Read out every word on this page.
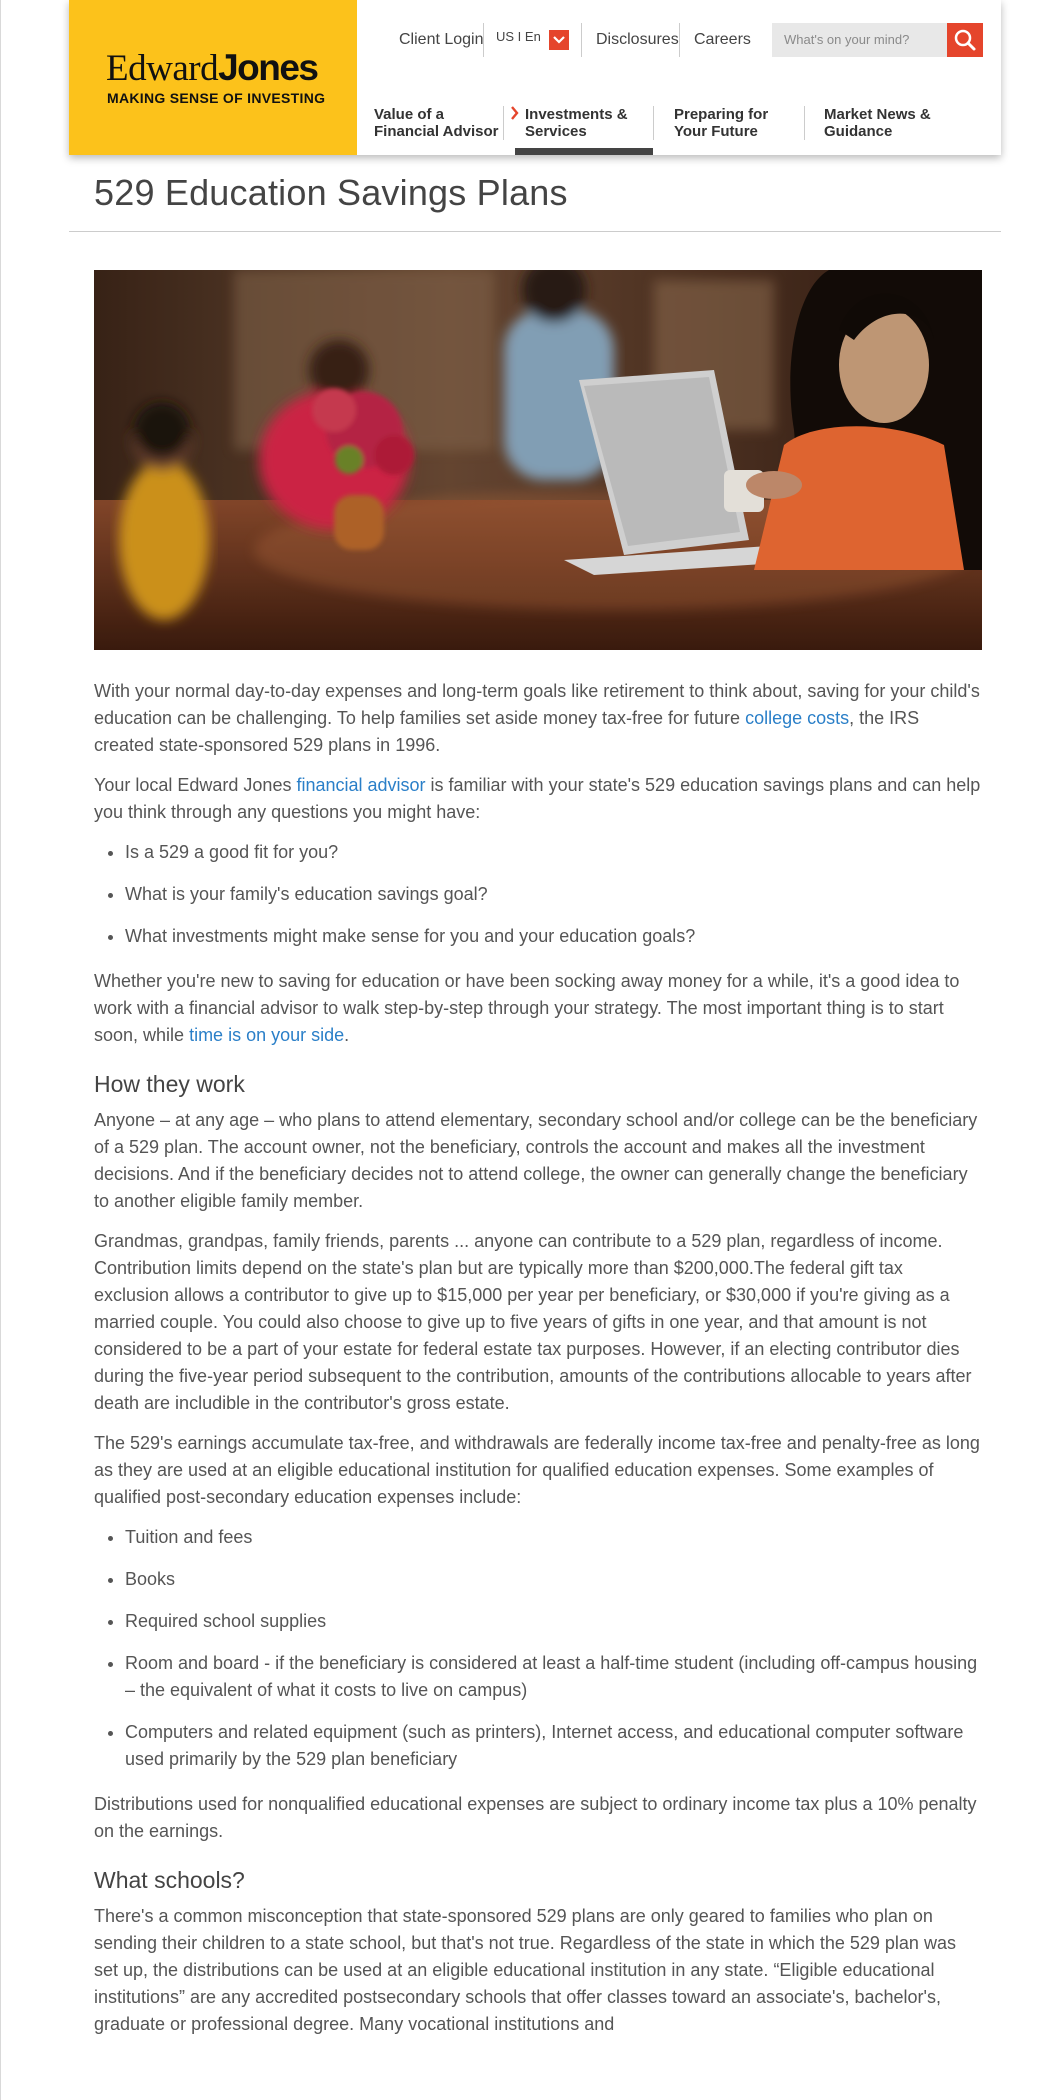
EdwardJones
MAKING SENSE OF INVESTING
Client Login US I En	Disclosures Careers	What's on your mind?
Value of a
Financial Advisor
Investments &
Services
Preparing for
Your Future
Market News &
Guidance
529 Education Savings Plans

With your normal day-to-day expenses and long-term goals like retirement to think about, saving for your child's education can be challenging. To help families set aside money tax-free for future college costs, the IRS created state-sponsored 529 plans in 1996.

Your local Edward Jones financial advisor is familiar with your state's 529 education savings plans and can help you think through any questions you might have:

• Is a 529 a good fit for you?
• What is your family's education savings goal?
• What investments might make sense for you and your education goals?

Whether you're new to saving for education or have been socking away money for a while, it's a good idea to work with a financial advisor to walk step-by-step through your strategy. The most important thing is to start soon, while time is on your side.

How they work

Anyone – at any age – who plans to attend elementary, secondary school and/or college can be the beneficiary of a 529 plan. The account owner, not the beneficiary, controls the account and makes all the investment decisions. And if the beneficiary decides not to attend college, the owner can generally change the beneficiary to another eligible family member.

Grandmas, grandpas, family friends, parents ... anyone can contribute to a 529 plan, regardless of income. Contribution limits depend on the state's plan but are typically more than $200,000.The federal gift tax exclusion allows a contributor to give up to $15,000 per year per beneficiary, or $30,000 if you're giving as a married couple. You could also choose to give up to five years of gifts in one year, and that amount is not considered to be a part of your estate for federal estate tax purposes. However, if an electing contributor dies during the five-year period subsequent to the contribution, amounts of the contributions allocable to years after death are includible in the contributor's gross estate.

The 529's earnings accumulate tax-free, and withdrawals are federally income tax-free and penalty-free as long as they are used at an eligible educational institution for qualified education expenses. Some examples of qualified post-secondary education expenses include:

• Tuition and fees
• Books
• Required school supplies
• Room and board - if the beneficiary is considered at least a half-time student (including off-campus housing – the equivalent of what it costs to live on campus)
• Computers and related equipment (such as printers), Internet access, and educational computer software used primarily by the 529 plan beneficiary

Distributions used for nonqualified educational expenses are subject to ordinary income tax plus a 10% penalty on the earnings.

What schools?

There's a common misconception that state-sponsored 529 plans are only geared to families who plan on sending their children to a state school, but that's not true. Regardless of the state in which the 529 plan was set up, the distributions can be used at an eligible educational institution in any state. “Eligible educational institutions” are any accredited postsecondary schools that offer classes toward an associate's, bachelor's, graduate or professional degree. Many vocational institutions and
